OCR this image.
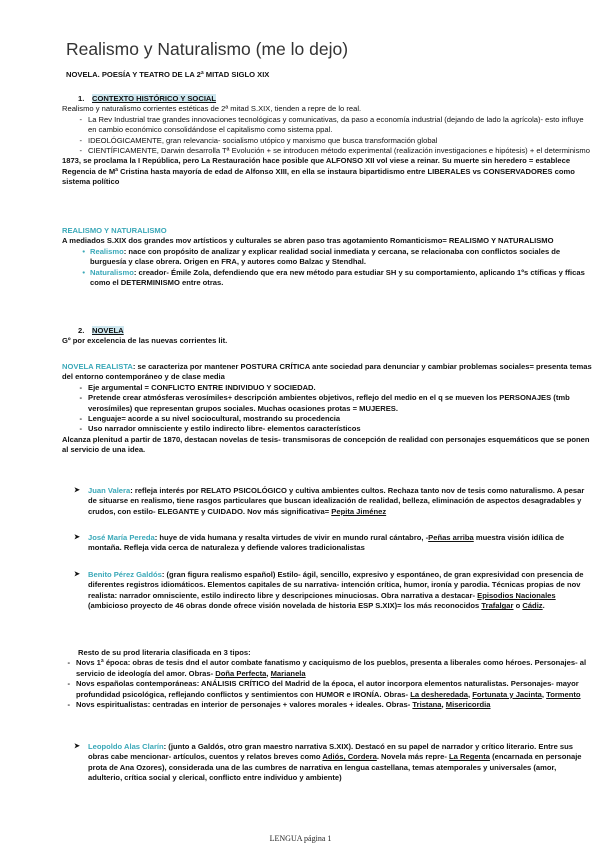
Realismo y Naturalismo (me lo dejo)
NOVELA. POESÍA Y TEATRO DE LA 2ª MITAD SIGLO XIX

1. CONTEXTO HISTÓRICO Y SOCIAL

Realismo y naturalismo corrientes estéticas de 2ª mitad S.XIX, tienden a repre de lo real.

- La Rev Industrial trae grandes innovaciones tecnológicas y comunicativas, da paso a economía industrial (dejando de lado la agrícola)- esto influye en cambio económico consolidándose el capitalismo como sistema ppal.
- IDEOLÓGICAMENTE, gran relevancia- socialismo utópico y marxismo que busca transformación global
- CIENTÍFICAMENTE, Darwin desarrolla Tª Evolución + se introducen método experimental (realización investigaciones e hipótesis) + el determinismo

1873, se proclama la I República, pero La Restauración hace posible que ALFONSO XII vol viese a reinar. Su muerte sin heredero = establece Regencia de Mª Cristina hasta mayoría de edad de Alfonso XIII, en ella se instaura bipartidismo entre LIBERALES vs CONSERVADORES como sistema político

REALISMO Y NATURALISMO

A mediados S.XIX dos grandes mov artísticos y culturales se abren paso tras agotamiento Romanticismo= REALISMO Y NATURALISMO

• Realismo: nace con propósito de analizar y explicar realidad social inmediata y cercana, se relacionaba con conflictos sociales de burguesía y clase obrera. Origen en FRA, y autores como Balzac y Stendhal.
• Naturalismo: creador- Émile Zola, defendiendo que era new método para estudiar SH y su comportamiento, aplicando 1ºs ctíficas y fficas como el DETERMINISMO entre otras.

2. NOVELA

Gº por excelencia de las nuevas corrientes lit.

NOVELA REALISTA: se caracteriza por mantener POSTURA CRÍTICA ante sociedad para denunciar y cambiar problemas sociales= presenta temas del entorno contemporáneo y de clase media

- Eje argumental = CONFLICTO ENTRE INDIVIDUO Y SOCIEDAD.
- Pretende crear atmósferas verosímiles+ descripción ambientes objetivos, reflejo del medio en el q se mueven los PERSONAJES (tmb verosímiles) que representan grupos sociales. Muchas ocasiones protas = MUJERES.
- Lenguaje= acorde a su nivel sociocultural, mostrando su procedencia
- Uso narrador omnisciente y estilo indirecto libre- elementos característicos

Alcanza plenitud a partir de 1870, destacan novelas de tesis- transmisoras de concepción de realidad con personajes esquemáticos que se ponen al servicio de una idea.

➤	Juan Valera: refleja interés por RELATO PSICOLÓGICO y cultiva ambientes cultos. Rechaza tanto nov de tesis como naturalismo. A pesar de situarse en realismo, tiene rasgos particulares que buscan idealización de realidad, belleza, eliminación de aspectos desagradables y crudos, con estilo- ELEGANTE y CUIDADO. Nov más significativa= Pepita Jiménez
➤	José María Pereda: huye de vida humana y resalta virtudes de vivir en mundo rural cántabro, -Peñas arriba muestra visión idílica de montaña. Refleja vida cerca de naturaleza y defiende valores tradicionalistas
➤	Benito Pérez Galdós: (gran figura realismo español) Estilo- ágil, sencillo, expresivo y espontáneo, de gran expresividad con presencia de diferentes registros idiomáticos. Elementos capitales de su narrativa- intención crítica, humor, ironía y parodia. Técnicas propias de nov realista: narrador omnisciente, estilo indirecto libre y descripciones minuciosas. Obra narrativa a destacar- Episodios Nacionales (ambicioso proyecto de 46 obras donde ofrece visión novelada de historia ESP S.XIX)= los más reconocidos Trafalgar o Cádiz.

Resto de su prod literaria clasificada en 3 tipos:

- Novs 1ª época: obras de tesis dnd el autor combate fanatismo y caciquismo de los pueblos, presenta a liberales como héroes. Personajes- al servicio de ideología del amor. Obras- Doña Perfecta, Marianela
- Novs españolas contemporáneas: ANÁLISIS CRÍTICO del Madrid de la época, el autor incorpora elementos naturalistas. Personajes- mayor profundidad psicológica, reflejando conflictos y sentimientos con HUMOR e IRONÍA. Obras- La desheredada, Fortunata y Jacinta, Tormento
- Novs espiritualistas: centradas en interior de personajes + valores morales + ideales. Obras- Tristana, Misericordia
➤	Leopoldo Alas Clarín: (junto a Galdós, otro gran maestro narrativa S.XIX). Destacó en su papel de narrador y crítico literario. Entre sus obras cabe mencionar- artículos, cuentos y relatos breves como Adiós, Cordera. Novela más repre- La Regenta (encarnada en personaje prota de Ana Ozores), considerada una de las cumbres de narrativa en lengua castellana, temas atemporales y universales (amor, adulterio, crítica social y clerical, conflicto entre individuo y ambiente)
LENGUA página 1
